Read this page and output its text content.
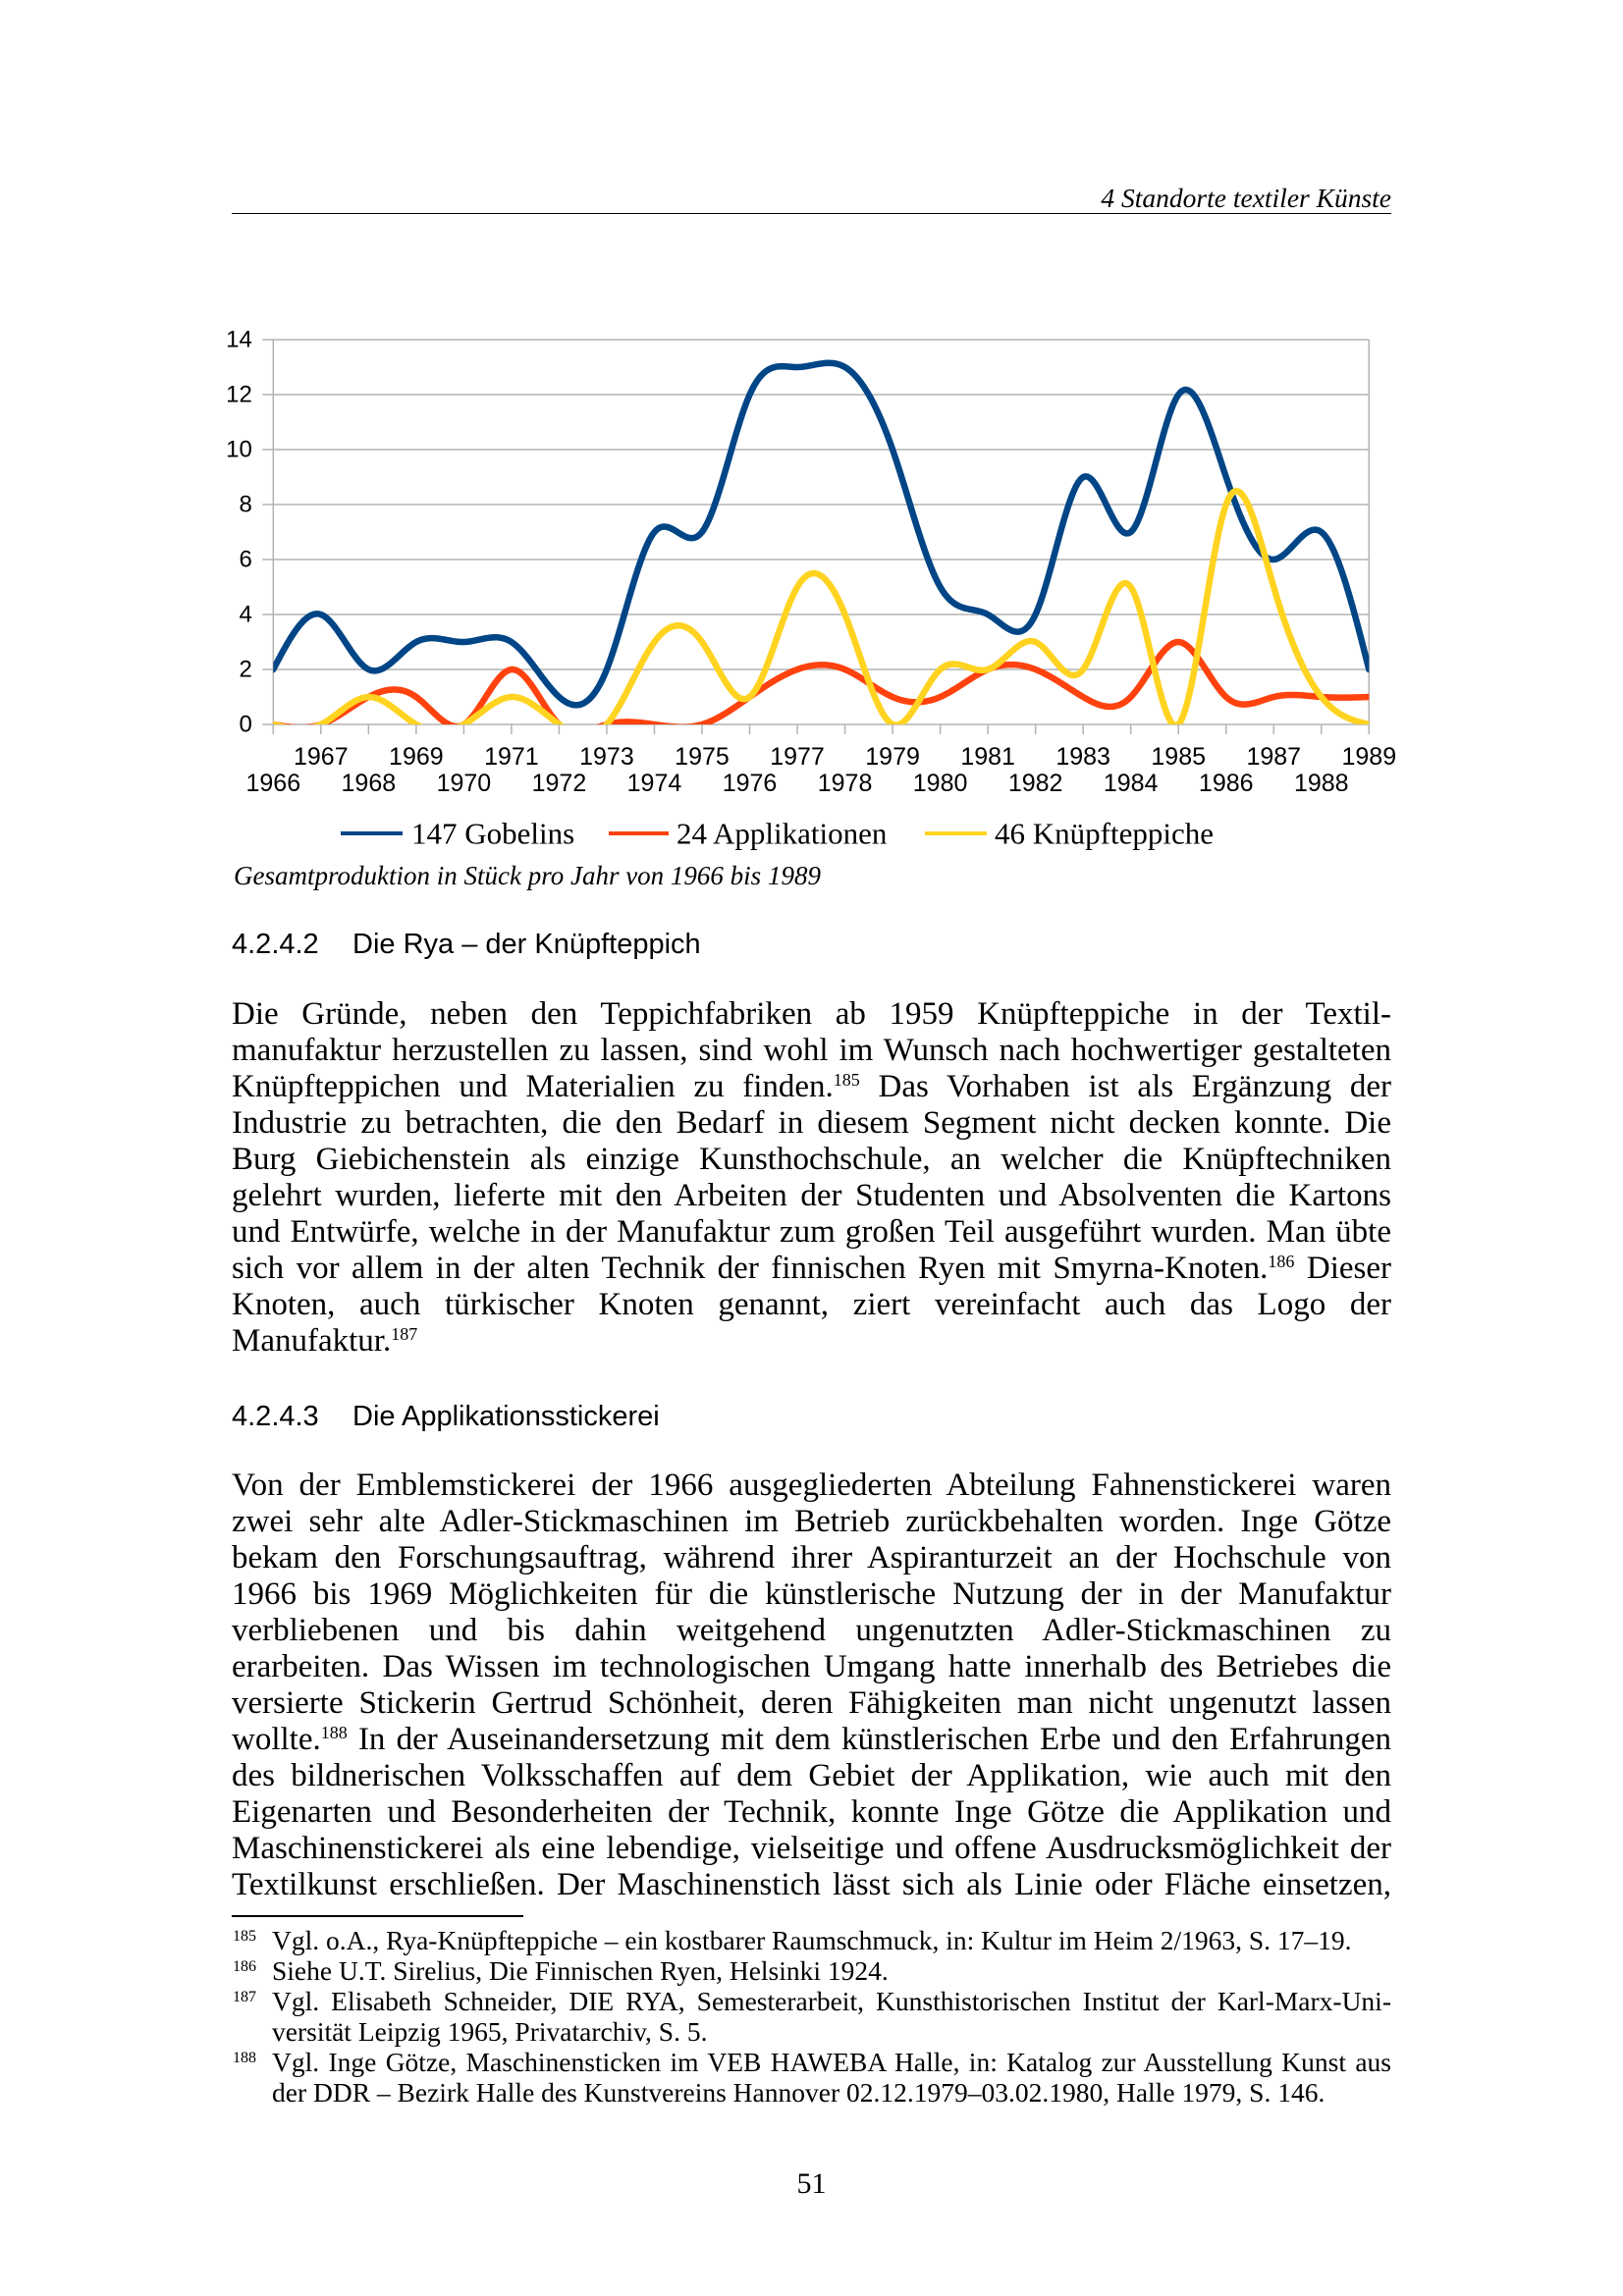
4 Standorte textiler Künste
0
2
4
6
8
10
12
14
1966
1967
1968
1969
1970
1971
1972
1973
1974
1975
1976
1977
1978
1979
1980
1981
1982
1983
1984
1985
1986
1987
1988
1989
147 Gobelins	24 Applikationen	46 Knüpfteppiche
Gesamtproduktion in Stück pro Jahr von 1966 bis 1989
4.2.4.2 Die Rya – der Knüpfteppich
Die Gründe, neben den Teppichfabriken ab 1959 Knüpfteppiche in der Textil-
manufaktur herzustellen zu lassen, sind wohl im Wunsch nach hochwertiger gestalteten
Knüpfteppichen und Materialien zu finden.$^{185}$ Das Vorhaben ist als Ergänzung der
Industrie zu betrachten, die den Bedarf in diesem Segment nicht decken konnte. Die
Burg Giebichenstein als einzige Kunsthochschule, an welcher die Knüpftechniken
gelehrt wurden, lieferte mit den Arbeiten der Studenten und Absolventen die Kartons
und Entwürfe, welche in der Manufaktur zum großen Teil ausgeführt wurden. Man übte
sich vor allem in der alten Technik der finnischen Ryen mit Smyrna-Knoten.$^{186}$ Dieser
Knoten, auch türkischer Knoten genannt, ziert vereinfacht auch das Logo der
Manufaktur.$^{187}$
4.2.4.3 Die Applikationsstickerei
Von der Emblemstickerei der 1966 ausgegliederten Abteilung Fahnenstickerei waren
zwei sehr alte Adler-Stickmaschinen im Betrieb zurückbehalten worden. Inge Götze
bekam den Forschungsauftrag, während ihrer Aspiranturzeit an der Hochschule von
1966 bis 1969 Möglichkeiten für die künstlerische Nutzung der in der Manufaktur
verbliebenen und bis dahin weitgehend ungenutzten Adler-Stickmaschinen zu
erarbeiten. Das Wissen im technologischen Umgang hatte innerhalb des Betriebes die
versierte Stickerin Gertrud Schönheit, deren Fähigkeiten man nicht ungenutzt lassen
wollte.$^{188}$ In der Auseinandersetzung mit dem künstlerischen Erbe und den Erfahrungen
des bildnerischen Volksschaffen auf dem Gebiet der Applikation, wie auch mit den
Eigenarten und Besonderheiten der Technik, konnte Inge Götze die Applikation und
Maschinenstickerei als eine lebendige, vielseitige und offene Ausdrucksmöglichkeit der
Textilkunst erschließen. Der Maschinenstich lässt sich als Linie oder Fläche einsetzen,
185 Vgl. o.A., Rya-Knüpfteppiche – ein kostbarer Raumschmuck, in: Kultur im Heim 2/1963, S. 17–19.
186 Siehe U.T. Sirelius, Die Finnischen Ryen, Helsinki 1924.
187 Vgl. Elisabeth Schneider, DIE RYA, Semesterarbeit, Kunsthistorischen Institut der Karl-Marx-Uni-
versität Leipzig 1965, Privatarchiv, S. 5.
188 Vgl. Inge Götze, Maschinensticken im VEB HAWEBA Halle, in: Katalog zur Ausstellung Kunst aus
der DDR – Bezirk Halle des Kunstvereins Hannover 02.12.1979–03.02.1980, Halle 1979, S. 146.
51
